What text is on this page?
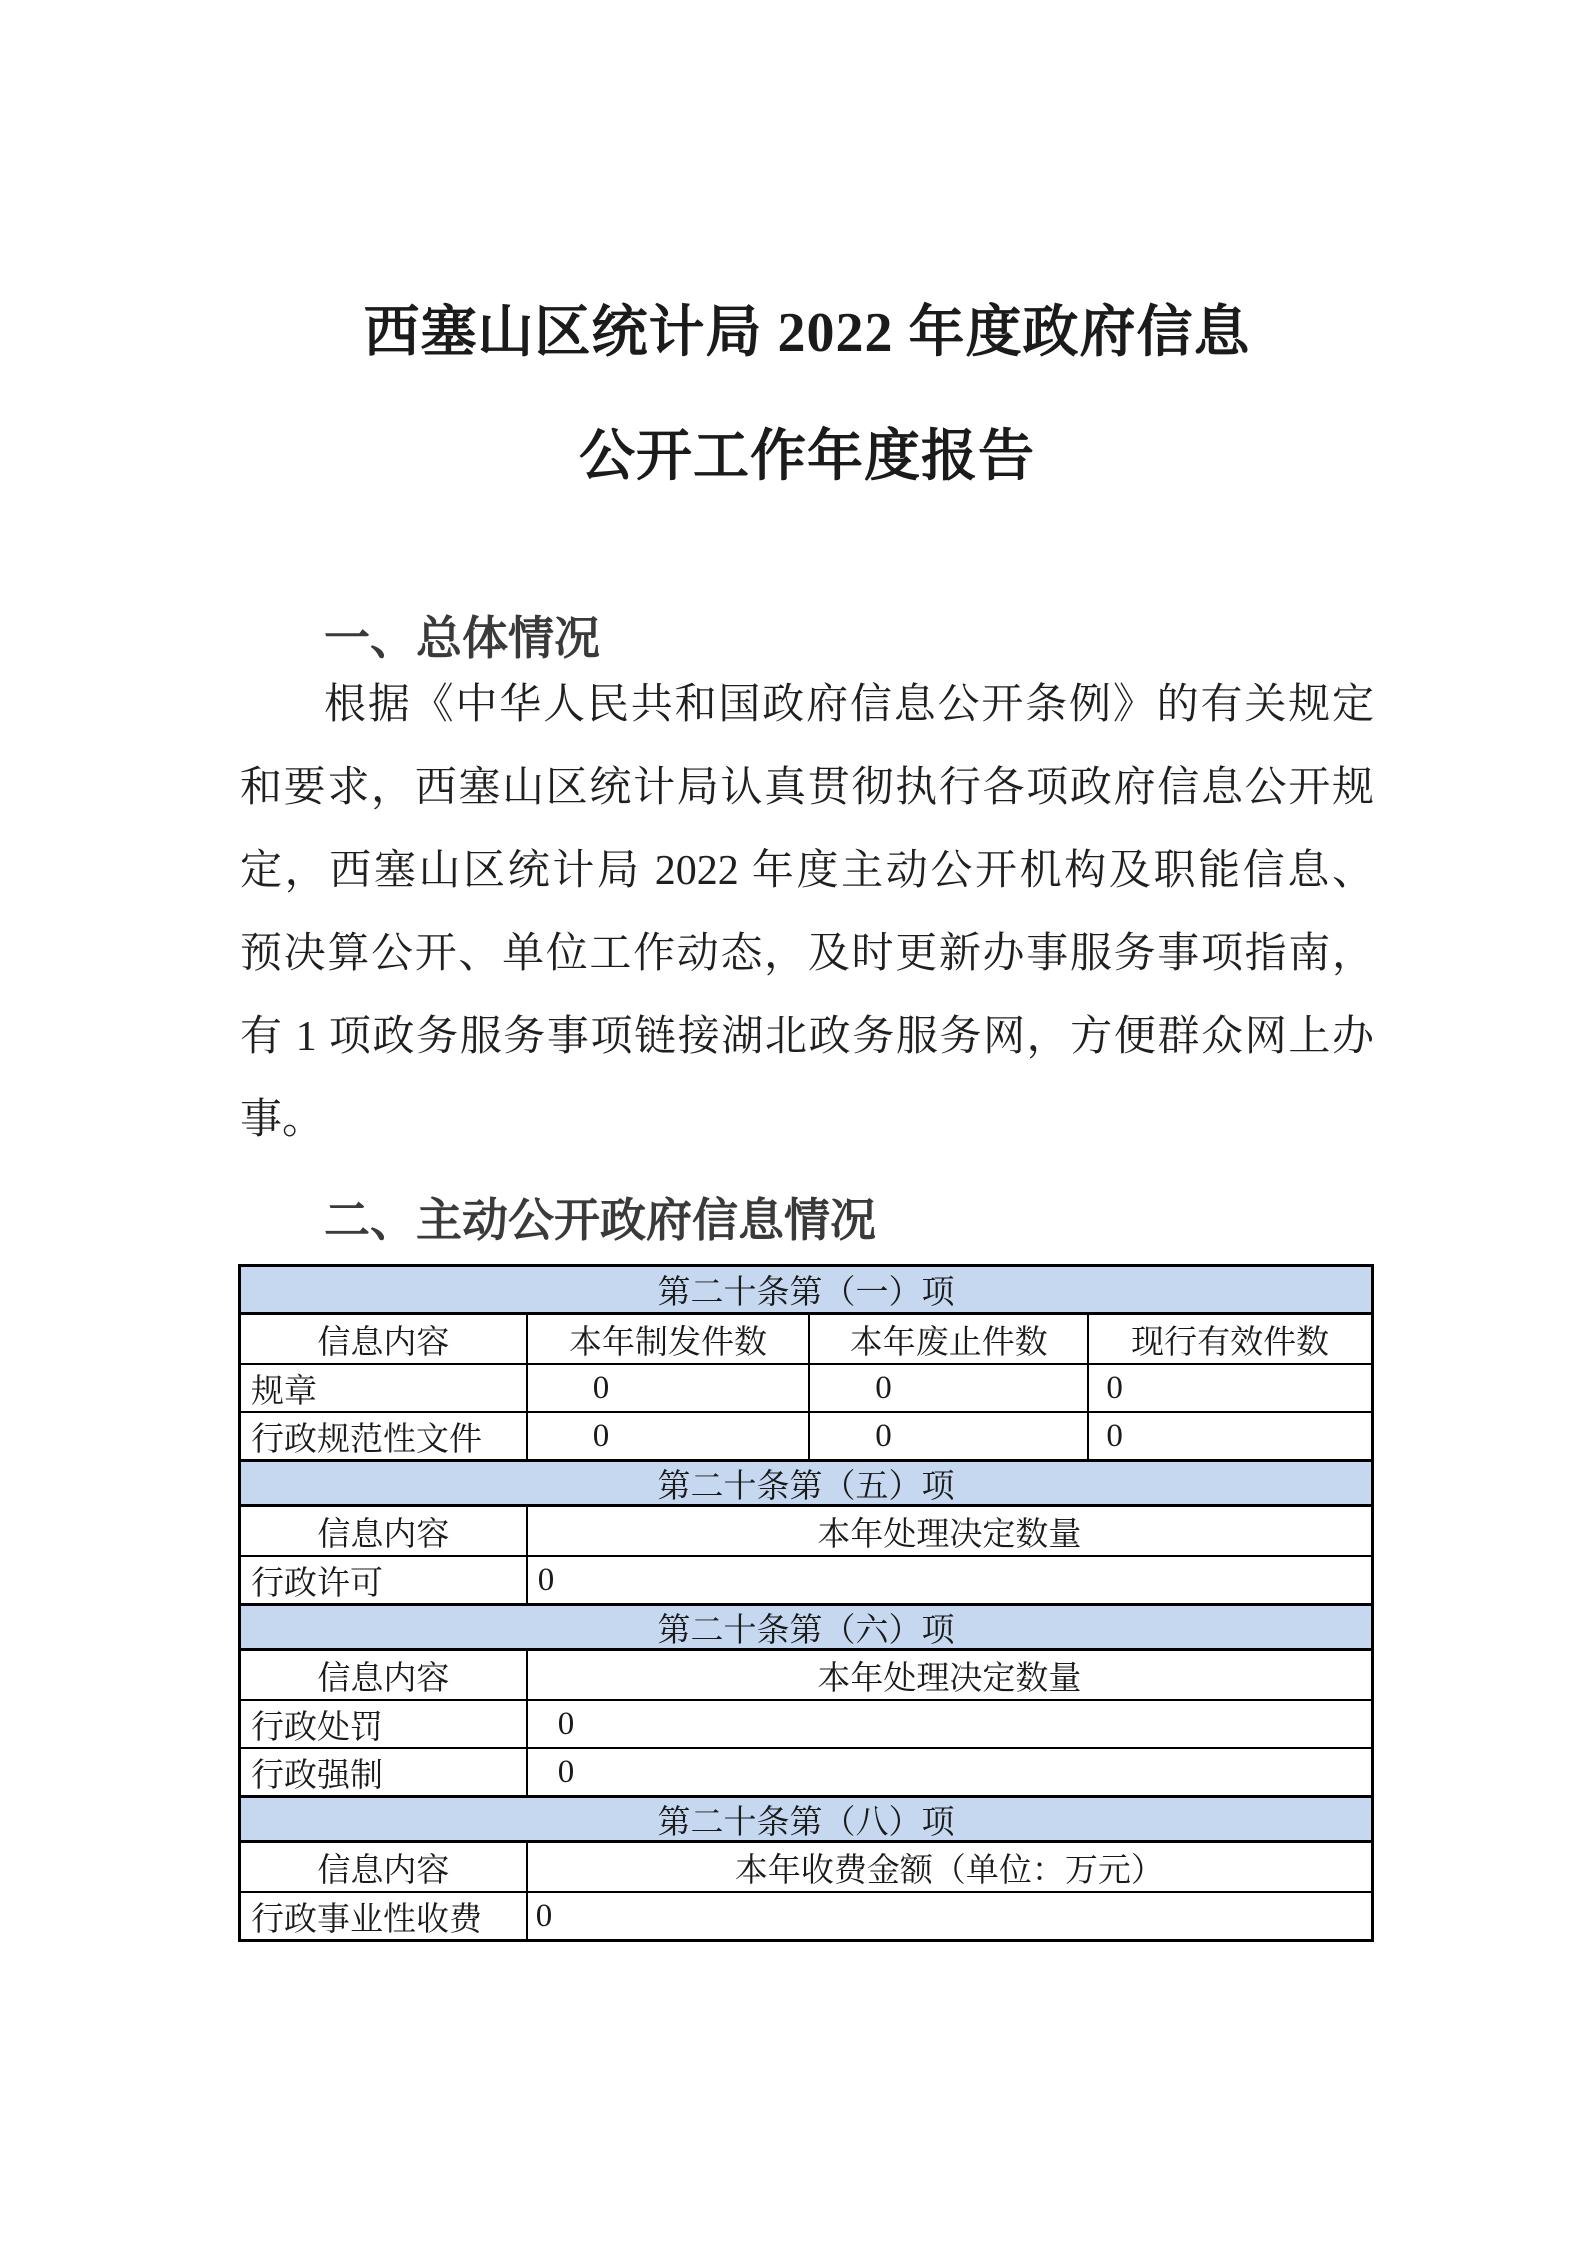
西塞山区统计局 2022 年度政府信息
公开工作年度报告
一、总体情况
根据《中华人民共和国政府信息公开条例》的有关规定
和要求，西塞山区统计局认真贯彻执行各项政府信息公开规
定，西塞山区统计局 2022 年度主动公开机构及职能信息、
预决算公开、单位工作动态，及时更新办事服务事项指南，
有 1 项政务服务事项链接湖北政务服务网，方便群众网上办
事。
二、主动公开政府信息情况
第二十条第（一）项
信息内容	本年制发件数	本年废止件数	现行有效件数
规章	0	0	0
行政规范性文件	0	0	0
第二十条第（五）项
信息内容	本年处理决定数量
行政许可	0
第二十条第（六）项
信息内容	本年处理决定数量
行政处罚	0
行政强制	0
第二十条第（八）项
信息内容	本年收费金额（单位：万元）
行政事业性收费	0
